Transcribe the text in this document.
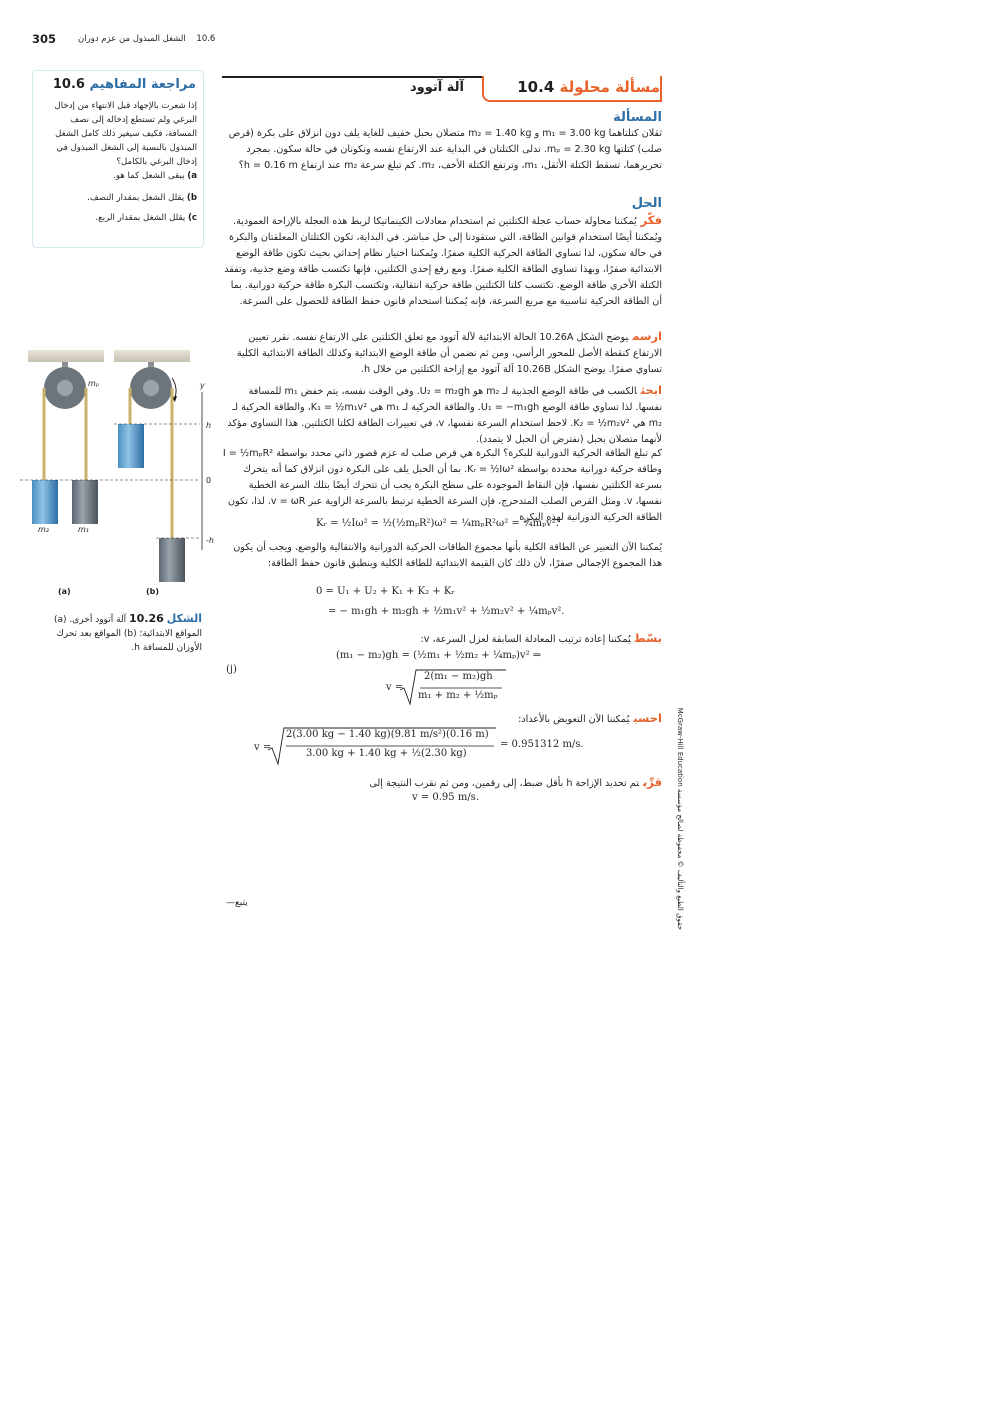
305	10.6 الشغل المبذول من عزم دوران
مراجعة المفاهيم 10.6
إذا شعرت بالإجهاد قبل الانتهاء من إدخال البرغي ولم تستطع إدخاله إلى نصف المسافة، فكيف سيغير ذلك كامل الشغل المبذول بالنسبة إلى الشغل المبذول في إدخال البرغي بالكامل؟
a) يبقى الشغل كما هو.
b) يقلل الشغل بمقدار النصف.
c) يقلل الشغل بمقدار الربع.
مسألة محلولة 10.4
آلة آتوود
المسألة
ثقلان كتلتاهما m₁ = 3.00 kg و m₂ = 1.40 kg متصلان بحبل خفيف للغاية يلف دون انزلاق على بكرة (قرص صلب) كتلتها mₚ = 2.30 kg. تدلى الكتلتان في البداية عند الارتفاع نفسه وتكونان في حالة سكون. بمجرد تحريرهما، تسقط الكتلة الأثقل، m₁، وترتفع الكتلة الأخف، m₂. كم تبلغ سرعة m₂ عند ارتفاع h = 0.16 m؟
الحل
فكّريُمكننا محاولة حساب عجلة الكتلتين ثم استخدام معادلات الكينماتيكا لربط هذه العجلة بالإزاحة العمودية. ويُمكننا أيضًا استخدام قوانين الطاقة، التي ستقودنا إلى حل مباشر. في البداية، تكون الكتلتان المعلقتان والبكرة في حالة سكون، لذا تساوي الطاقة الحركية الكلية صفرًا. ويُمكننا اختيار نظام إحداثي بحيث تكون طاقة الوضع الابتدائية صفرًا، وبهذا تساوي الطاقة الكلية صفرًا. ومع رفع إحدى الكتلتين، فإنها تكتسب طاقة وضع جذبية، وتفقد الكتلة الأخرى طاقة الوضع. تكتسب كلتا الكتلتين طاقة حركية انتقالية، وتكتسب البكرة طاقة حركية دورانية. بما أن الطاقة الحركية تناسبية مع مربع السرعة، فإنه يُمكننا استخدام قانون حفظ الطاقة للحصول على السرعة.
ارسميوضح الشكل 10.26A الحالة الابتدائية لآلة آتوود مع تعلق الكتلتين على الارتفاع نفسه. نقرر تعيين الارتفاع كنقطة الأصل للمحور الرأسي، ومن ثم نضمن أن طاقة الوضع الابتدائية وكذلك الطاقة الابتدائية الكلية تساوي صفرًا. يوضح الشكل 10.26B آلة آتوود مع إزاحة الكتلتين من خلال h.
ابحثالكسب في طاقة الوضع الجذبية لـ m₂ هو U₂ = m₂gh. وفي الوقت نفسه، يتم خفض m₁ للمسافة نفسها. لذا تساوي طاقة الوضع U₁ = −m₁gh. والطاقة الحركية لـ m₁ هي K₁ = ½m₁v²، والطاقة الحركية لـ m₂ هي K₂ = ½m₂v². لاحظ استخدام السرعة نفسها، v، في تعبيرات الطاقة لكلتا الكتلتين. هذا التساوي مؤكد لأنهما متصلان بحبل (نفترض أن الحبل لا يتمدد).
كم تبلغ الطاقة الحركية الدورانية للبكرة؟ البكرة هي قرص صلب له عزم قصور ذاتي محدد بواسطة I = ½mₚR² وطاقة حركية دورانية محددة بواسطة Kᵣ = ½Iω². بما أن الحبل يلف على البكرة دون انزلاق كما أنه يتحرك بسرعة الكتلتين نفسها، فإن النقاط الموجودة على سطح البكرة يجب أن تتحرك أيضًا بتلك السرعة الخطية نفسها، v. ومثل القرص الصلب المتدحرج، فإن السرعة الخطية ترتبط بالسرعة الزاوية عبر v = ωR. لذا، تكون الطاقة الحركية الدورانية لهذه البكرة
Kᵣ = ½Iω² = ½(½mₚR²)ω² = ¼mₚR²ω² = ¼mₚv².
يُمكننا الآن التعبير عن الطاقة الكلية بأنها مجموع الطاقات الحركية الدورانية والانتقالية والوضع. ويجب أن يكون هذا المجموع الإجمالي صفرًا، لأن ذلك كان القيمة الابتدائية للطاقة الكلية وينطبق قانون حفظ الطاقة:
0 = U₁ + U₂ + K₁ + K₂ + Kᵣ
= − m₁gh + m₂gh + ½m₁v² + ½m₂v² + ¼mₚv².
بسّطيُمكننا إعادة ترتيب المعادلة السابقة لعزل السرعة، v:
(m₁ − m₂)gh = (½m₁ + ½m₂ + ¼mₚ)v² ⇒
v =
2(m₁ − m₂)gh
m₁ + m₂ + ½mₚ
(j)
احسبيُمكننا الآن التعويض بالأعداد:
v =
2(3.00 kg − 1.40 kg)(9.81 m/s²)(0.16 m)
3.00 kg + 1.40 kg + ½(2.30 kg)
= 0.951312 m/s.
قرِّبتم تحديد الإزاحة h بأقل ضبط، إلى رقمين، ومن ثم نقرب النتيجة إلى
v = 0.95 m/s.
يتبع—
حقوق الطبع والتأليف © محفوظة لصالح مؤسسة McGraw-Hill Education
m₂	m₁
mₚ	y
h
0
-h
(a)	(b)
الشكل 10.26 آلة آتوود أخرى. (a) المواقع الابتدائية؛ (b) المواقع بعد تحرك الأوزان للمسافة h.
